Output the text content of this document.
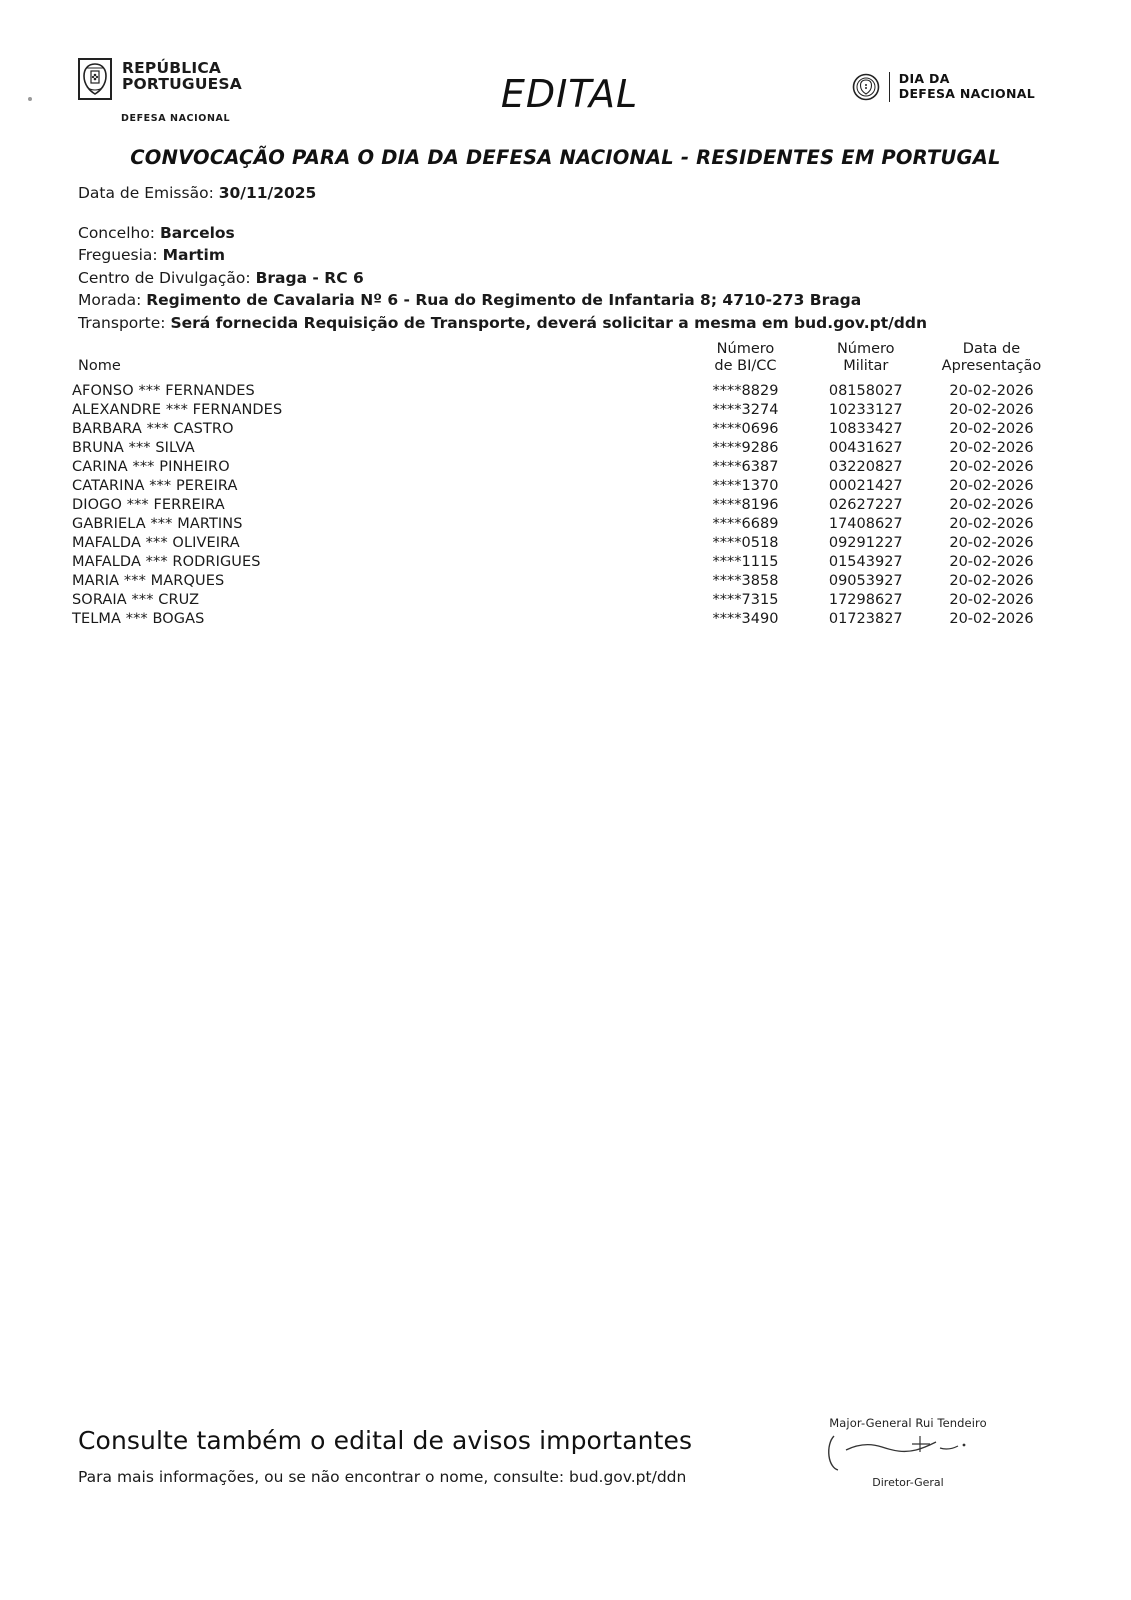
REPÚBLICA
PORTUGUESA
DEFESA NACIONAL
EDITAL	DIA DA
DEFESA NACIONAL
CONVOCAÇÃO PARA O DIA DA DEFESA NACIONAL - RESIDENTES EM PORTUGAL
Data de Emissão: 30/11/2025
Concelho: Barcelos
Freguesia: Martim
Centro de Divulgação: Braga - RC 6
Morada: Regimento de Cavalaria Nº 6 - Rua do Regimento de Infantaria 8; 4710-273 Braga
Transporte: Será fornecida Requisição de Transporte, deverá solicitar a mesma em bud.gov.pt/ddn
Nome	
Número
de BI/CC

Número
Militar

Data de
Apresentação

AFONSO *** FERNANDES	****8829	08158027	20-02-2026
ALEXANDRE *** FERNANDES	****3274	10233127	20-02-2026
BARBARA *** CASTRO	****0696	10833427	20-02-2026
BRUNA *** SILVA	****9286	00431627	20-02-2026
CARINA *** PINHEIRO	****6387	03220827	20-02-2026
CATARINA *** PEREIRA	****1370	00021427	20-02-2026
DIOGO *** FERREIRA	****8196	02627227	20-02-2026
GABRIELA *** MARTINS	****6689	17408627	20-02-2026
MAFALDA *** OLIVEIRA	****0518	09291227	20-02-2026
MAFALDA *** RODRIGUES	****1115	01543927	20-02-2026
MARIA *** MARQUES	****3858	09053927	20-02-2026
SORAIA *** CRUZ	****7315	17298627	20-02-2026
TELMA *** BOGAS	****3490	01723827	20-02-2026
Consulte também o edital de avisos importantes
Para mais informações, ou se não encontrar o nome, consulte: bud.gov.pt/ddn
Major-General Rui Tendeiro
Diretor-Geral
